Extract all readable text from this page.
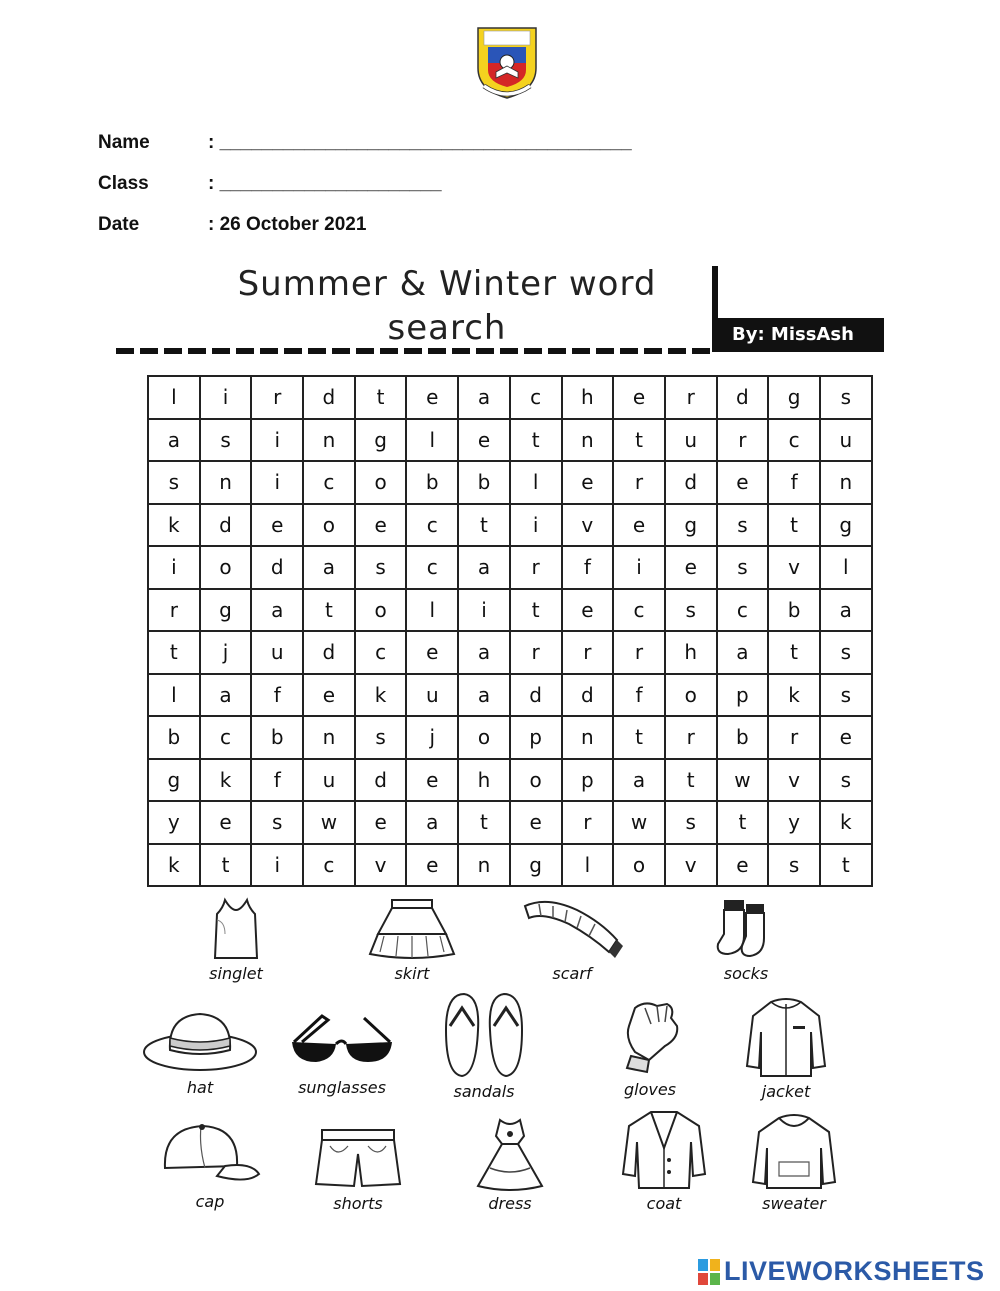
Name	: _______________________________________
Class	: _____________________
Date	: 26 October 2021
Summer & Winter word
search	By: MissAsh
l	i	r	d	t	e	a	c	h	e	r	d	g	s
a	s	i	n	g	l	e	t	n	t	u	r	c	u
s	n	i	c	o	b	b	l	e	r	d	e	f	n
k	d	e	o	e	c	t	i	v	e	g	s	t	g
i	o	d	a	s	c	a	r	f	i	e	s	v	l
r	g	a	t	o	l	i	t	e	c	s	c	b	a
t	j	u	d	c	e	a	r	r	r	h	a	t	s
l	a	f	e	k	u	a	d	d	f	o	p	k	s
b	c	b	n	s	j	o	p	n	t	r	b	r	e
g	k	f	u	d	e	h	o	p	a	t	w	v	s
y	e	s	w	e	a	t	e	r	w	s	t	y	k
k	t	i	c	v	e	n	g	l	o	v	e	s	t
singlet	skirt	scarf	socks
hat	sunglasses	sandals	gloves	jacket
cap	shorts	dress	coat	sweater
LIVEWORKSHEETS
